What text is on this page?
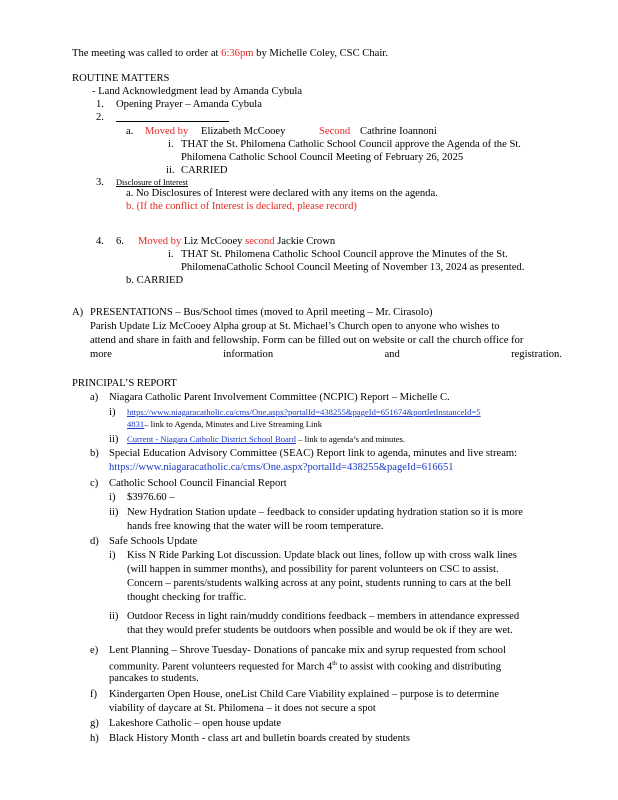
The meeting was called to order at 6:36pm by Michelle Coley, CSC Chair.
ROUTINE MATTERS
- Land Acknowledgment lead by Amanda Cybula
1. Opening Prayer – Amanda Cybula
2.
a. Moved by Elizabeth McCooey	Second Cathrine Ioannoni
i. THAT the St. Philomena Catholic School Council approve the Agenda of the St.
Philomena Catholic School Council Meeting of February 26, 2025
ii. CARRIED
3. Disclosure of Interest
a. No Disclosures of Interest were declared with any items on the agenda.
b. (If the conflict of Interest is declared, please record)
4. 6. Moved by Liz McCooey second Jackie Crown
i. THAT St. Philomena Catholic School Council approve the Minutes of the St.
PhilomenaCatholic School Council Meeting of November 13, 2024 as presented.
b. CARRIED
A) PRESENTATIONS – Bus/School times (moved to April meeting – Mr. Cirasolo)
Parish Update Liz McCooey Alpha group at St. Michael’s Church open to anyone who wishes to
attend and share in faith and fellowship. Form can be filled out on website or call the church office for
more	information	and	registration.
PRINCIPAL’S REPORT
a) Niagara Catholic Parent Involvement Committee (NCPIC) Report – Michelle C.
i) https://www.niagaracatholic.ca/cms/One.aspx?portalId=438255&pageId=651674&portletInstanceId=5
4831– link to Agenda, Minutes and Live Streaming Link
ii) Current - Niagara Catholic District School Board – link to agenda’s and minutes.
b) Special Education Advisory Committee (SEAC) Report link to agenda, minutes and live stream:
https://www.niagaracatholic.ca/cms/One.aspx?portalId=438255&pageId=616651
c) Catholic School Council Financial Report
i) $3976.60 –
ii) New Hydration Station update – feedback to consider updating hydration station so it is more
hands free knowing that the water will be room temperature.
d) Safe Schools Update
i) Kiss N Ride Parking Lot discussion. Update black out lines, follow up with cross walk lines
(will happen in summer months), and possibility for parent volunteers on CSC to assist.
Concern – parents/students walking across at any point, students running to cars at the bell
thought checking for traffic.
ii) Outdoor Recess in light rain/muddy conditions feedback – members in attendance expressed
that they would prefer students be outdoors when possible and would be ok if they are wet.
e) Lent Planning – Shrove Tuesday- Donations of pancake mix and syrup requested from school
community. Parent volunteers requested for March 4th to assist with cooking and distributing
pancakes to students.
f) Kindergarten Open House, oneList Child Care Viability explained – purpose is to determine
viability of daycare at St. Philomena – it does not secure a spot
g) Lakeshore Catholic – open house update
h) Black History Month - class art and bulletin boards created by students
